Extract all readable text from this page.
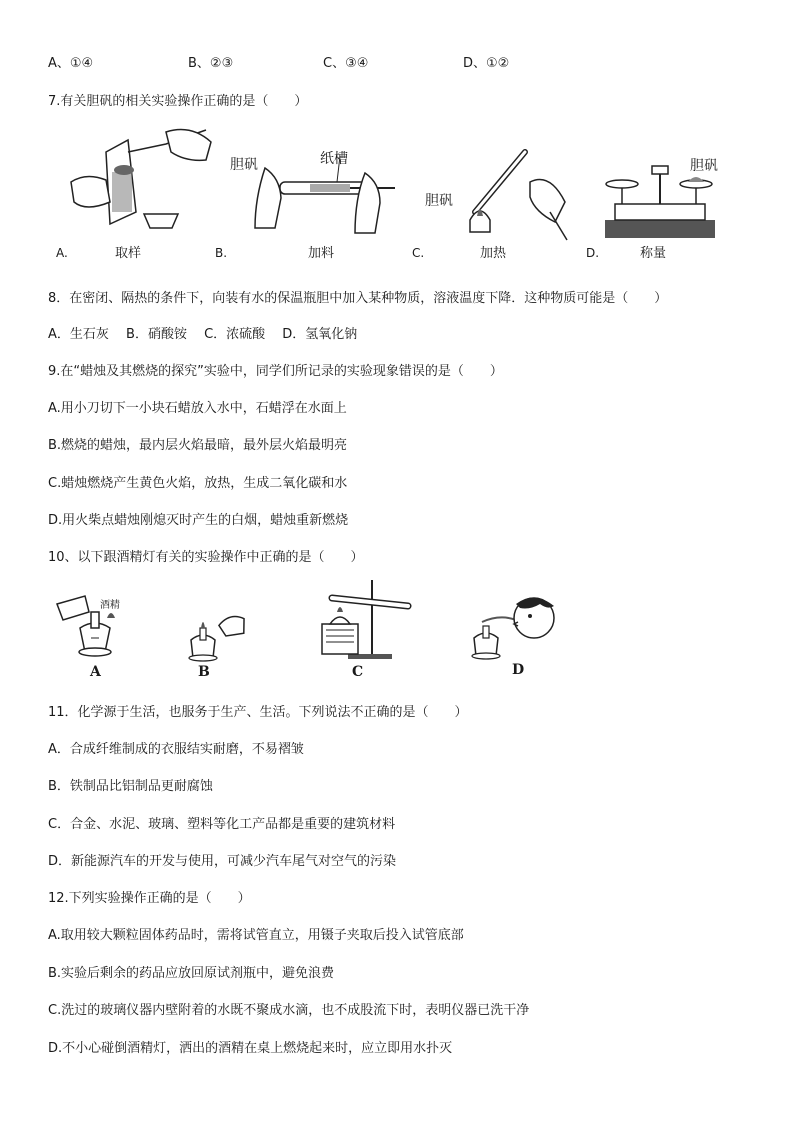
A、①④	B、②③	C、③④	D、①②
7.有关胆矾的相关实验操作正确的是（　　）
A.	取样
胆矾	纸槽
B.	加料
胆矾
C.	加热
胆矾
D.	称量
8．在密闭、隔热的条件下，向装有水的保温瓶胆中加入某种物质，溶液温度下降．这种物质可能是（　　）
A．生石灰　 B．硝酸铵　 C．浓硫酸　 D．氢氧化钠
9.在“蜡烛及其燃烧的探究”实验中，同学们所记录的实验现象错误的是（　　）
A.用小刀切下一小块石蜡放入水中，石蜡浮在水面上
B.燃烧的蜡烛，最内层火焰最暗，最外层火焰最明亮
C.蜡烛燃烧产生黄色火焰，放热，生成二氧化碳和水
D.用火柴点蜡烛刚熄灭时产生的白烟，蜡烛重新燃烧
10、以下跟酒精灯有关的实验操作中正确的是（　　）
酒精
A	B	C	D
11．化学源于生活，也服务于生产、生活。下列说法不正确的是（　　）
A．合成纤维制成的衣服结实耐磨，不易褶皱
B．铁制品比铝制品更耐腐蚀
C．合金、水泥、玻璃、塑料等化工产品都是重要的建筑材料
D．新能源汽车的开发与使用，可减少汽车尾气对空气的污染
12.下列实验操作正确的是（　　）
A.取用较大颗粒固体药品时，需将试管直立，用镊子夹取后投入试管底部
B.实验后剩余的药品应放回原试剂瓶中，避免浪费
C.洗过的玻璃仪器内壁附着的水既不聚成水滴，也不成股流下时，表明仪器已洗干净
D.不小心碰倒酒精灯，洒出的酒精在桌上燃烧起来时，应立即用水扑灭
